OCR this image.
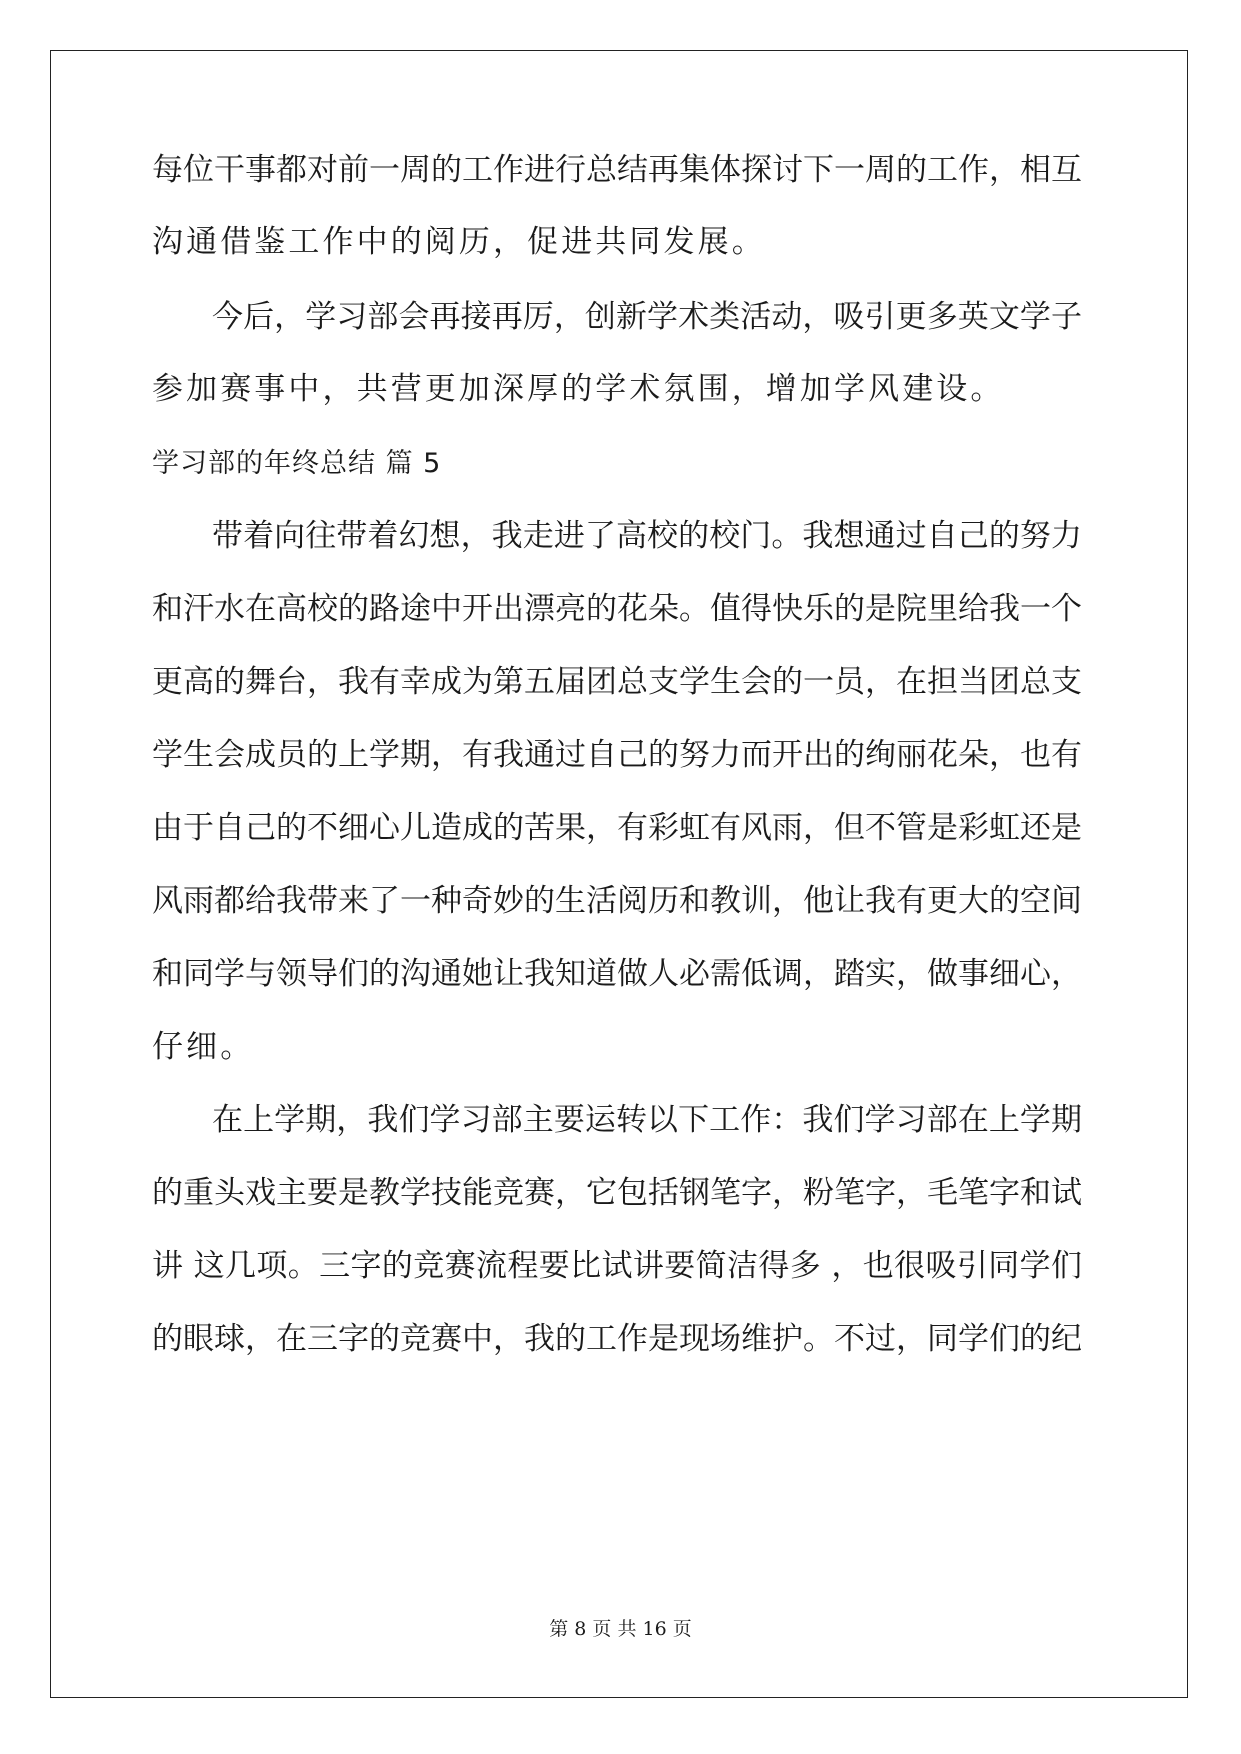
每位干事都对前一周的工作进行总结再集体探讨下一周的工作，相互
沟通借鉴工作中的阅历，促进共同发展。
今后，学习部会再接再厉，创新学术类活动，吸引更多英文学子
参加赛事中，共营更加深厚的学术氛围，增加学风建设。
学习部的年终总结 篇 5
带着向往带着幻想，我走进了高校的校门。我想通过自己的努力
和汗水在高校的路途中开出漂亮的花朵。值得快乐的是院里给我一个
更高的舞台，我有幸成为第五届团总支学生会的一员，在担当团总支
学生会成员的上学期，有我通过自己的努力而开出的绚丽花朵，也有
由于自己的不细心儿造成的苦果，有彩虹有风雨，但不管是彩虹还是
风雨都给我带来了一种奇妙的生活阅历和教训，他让我有更大的空间
和同学与领导们的沟通她让我知道做人必需低调，踏实，做事细心，
仔细。
在上学期，我们学习部主要运转以下工作：我们学习部在上学期
的重头戏主要是教学技能竞赛，它包括钢笔字，粉笔字，毛笔字和试
讲 这几项。三字的竞赛流程要比试讲要简洁得多 ，也很吸引同学们
的眼球，在三字的竞赛中，我的工作是现场维护。不过，同学们的纪
第 8 页 共 16 页
